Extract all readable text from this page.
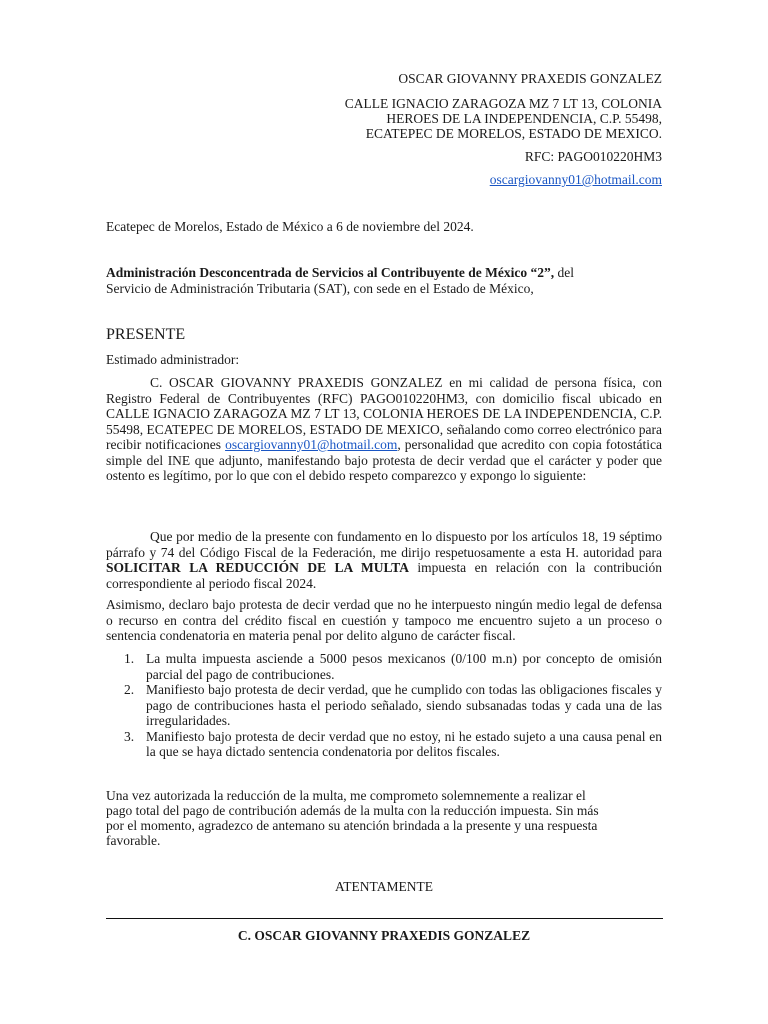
OSCAR GIOVANNY PRAXEDIS GONZALEZ
CALLE IGNACIO ZARAGOZA MZ 7 LT 13, COLONIA
HEROES DE LA INDEPENDENCIA, C.P. 55498,
ECATEPEC DE MORELOS, ESTADO DE MEXICO.
RFC: PAGO010220HM3
oscargiovanny01@hotmail.com
Ecatepec de Morelos, Estado de México a 6 de noviembre del 2024.
Administración Desconcentrada de Servicios al Contribuyente de México “2”, del
Servicio de Administración Tributaria (SAT), con sede en el Estado de México,
PRESENTE
Estimado administrador:
C. OSCAR GIOVANNY PRAXEDIS GONZALEZ en mi calidad de persona física, con Registro Federal de Contribuyentes (RFC) PAGO010220HM3, con domicilio fiscal ubicado en CALLE IGNACIO ZARAGOZA MZ 7 LT 13, COLONIA HEROES DE LA INDEPENDENCIA, C.P. 55498, ECATEPEC DE MORELOS, ESTADO DE MEXICO, señalando como correo electrónico para recibir notificaciones oscargiovanny01@hotmail.com, personalidad que acredito con copia fotostática simple del INE que adjunto, manifestando bajo protesta de decir verdad que el carácter y poder que ostento es legítimo, por lo que con el debido respeto comparezco y expongo lo siguiente:
Que por medio de la presente con fundamento en lo dispuesto por los artículos 18, 19 séptimo párrafo y 74 del Código Fiscal de la Federación, me dirijo respetuosamente a esta H. autoridad para SOLICITAR LA REDUCCIÓN DE LA MULTA impuesta en relación con la contribución correspondiente al periodo fiscal 2024.
Asimismo, declaro bajo protesta de decir verdad que no he interpuesto ningún medio legal de defensa o recurso en contra del crédito fiscal en cuestión y tampoco me encuentro sujeto a un proceso o sentencia condenatoria en materia penal por delito alguno de carácter fiscal.
1. La multa impuesta asciende a 5000 pesos mexicanos (0/100 m.n) por concepto de omisión parcial del pago de contribuciones.
2. Manifiesto bajo protesta de decir verdad, que he cumplido con todas las obligaciones fiscales y pago de contribuciones hasta el periodo señalado, siendo subsanadas todas y cada una de las irregularidades.
3. Manifiesto bajo protesta de decir verdad que no estoy, ni he estado sujeto a una causa penal en la que se haya dictado sentencia condenatoria por delitos fiscales.
Una vez autorizada la reducción de la multa, me comprometo solemnemente a realizar el
pago total del pago de contribución además de la multa con la reducción impuesta. Sin más
por el momento, agradezco de antemano su atención brindada a la presente y una respuesta
favorable.
ATENTAMENTE
C. OSCAR GIOVANNY PRAXEDIS GONZALEZ
